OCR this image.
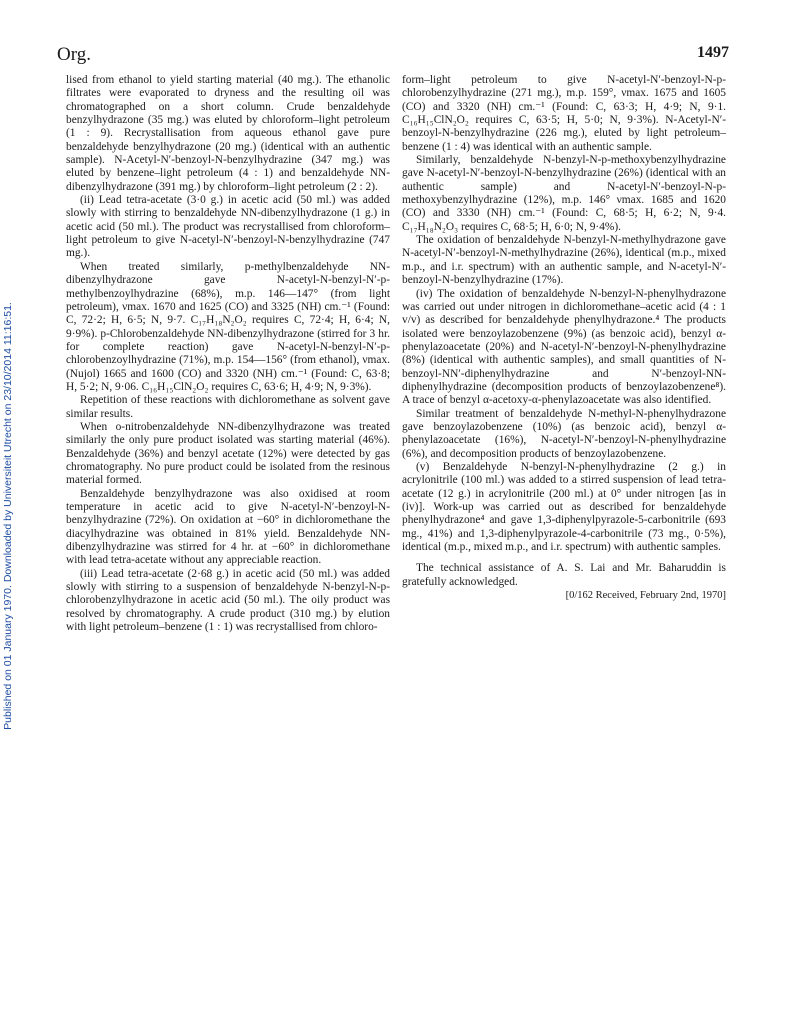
Published on 01 January 1970. Downloaded by Universiteit Utrecht on 23/10/2014 11:16:51.
Org.	1497

lised from ethanol to yield starting material (40 mg.). The ethanolic filtrates were evaporated to dryness and the resulting oil was chromatographed on a short column. Crude benzaldehyde benzylhydrazone (35 mg.) was eluted by chloroform–light petroleum (1 : 9). Recrystallisation from aqueous ethanol gave pure benzaldehyde benzylhydrazone (20 mg.) (identical with an authentic sample). N-Acetyl-N′-benzoyl-N-benzylhydrazine (347 mg.) was eluted by benzene–light petroleum (4 : 1) and benzaldehyde NN-dibenzylhydrazone (391 mg.) by chloroform–light petroleum (2 : 2).

(ii) Lead tetra-acetate (3·0 g.) in acetic acid (50 ml.) was added slowly with stirring to benzaldehyde NN-dibenzylhydrazone (1 g.) in acetic acid (50 ml.). The product was recrystallised from chloroform–light petroleum to give N-acetyl-N′-benzoyl-N-benzylhydrazine (747 mg.).

When treated similarly, p-methylbenzaldehyde NN-dibenzylhydrazone gave N-acetyl-N-benzyl-N′-p-methylbenzoylhydrazine (68%), m.p. 146—147° (from light petroleum), νmax. 1670 and 1625 (CO) and 3325 (NH) cm.⁻¹ (Found: C, 72·2; H, 6·5; N, 9·7. C₁₇H₁₈N₂O₂ requires C, 72·4; H, 6·4; N, 9·9%). p-Chlorobenzaldehyde NN-dibenzylhydrazone (stirred for 3 hr. for complete reaction) gave N-acetyl-N-benzyl-N′-p-chlorobenzoylhydrazine (71%), m.p. 154—156° (from ethanol), νmax. (Nujol) 1665 and 1600 (CO) and 3320 (NH) cm.⁻¹ (Found: C, 63·8; H, 5·2; N, 9·06. C₁₆H₁₅ClN₂O₂ requires C, 63·6; H, 4·9; N, 9·3%).

Repetition of these reactions with dichloromethane as solvent gave similar results.

When o-nitrobenzaldehyde NN-dibenzylhydrazone was treated similarly the only pure product isolated was starting material (46%). Benzaldehyde (36%) and benzyl acetate (12%) were detected by gas chromatography. No pure product could be isolated from the resinous material formed.

Benzaldehyde benzylhydrazone was also oxidised at room temperature in acetic acid to give N-acetyl-N′-benzoyl-N-benzylhydrazine (72%). On oxidation at −60° in dichloromethane the diacylhydrazine was obtained in 81% yield. Benzaldehyde NN-dibenzylhydrazine was stirred for 4 hr. at −60° in dichloromethane with lead tetra-acetate without any appreciable reaction.

(iii) Lead tetra-acetate (2·68 g.) in acetic acid (50 ml.) was added slowly with stirring to a suspension of benzaldehyde N-benzyl-N-p-chlorobenzylhydrazone in acetic acid (50 ml.). The oily product was resolved by chromatography. A crude product (310 mg.) by elution with light petroleum–benzene (1 : 1) was recrystallised from chloro-

form–light petroleum to give N-acetyl-N′-benzoyl-N-p-chlorobenzylhydrazine (271 mg.), m.p. 159°, νmax. 1675 and 1605 (CO) and 3320 (NH) cm.⁻¹ (Found: C, 63·3; H, 4·9; N, 9·1. C₁₆H₁₅ClN₂O₂ requires C, 63·5; H, 5·0; N, 9·3%). N-Acetyl-N′-benzoyl-N-benzylhydrazine (226 mg.), eluted by light petroleum–benzene (1 : 4) was identical with an authentic sample.

Similarly, benzaldehyde N-benzyl-N-p-methoxybenzylhydrazine gave N-acetyl-N′-benzoyl-N-benzylhydrazine (26%) (identical with an authentic sample) and N-acetyl-N′-benzoyl-N-p-methoxybenzylhydrazine (12%), m.p. 146° νmax. 1685 and 1620 (CO) and 3330 (NH) cm.⁻¹ (Found: C, 68·5; H, 6·2; N, 9·4. C₁₇H₁₈N₂O₃ requires C, 68·5; H, 6·0; N, 9·4%).

The oxidation of benzaldehyde N-benzyl-N-methylhydrazone gave N-acetyl-N′-benzoyl-N-methylhydrazine (26%), identical (m.p., mixed m.p., and i.r. spectrum) with an authentic sample, and N-acetyl-N′-benzoyl-N-benzylhydrazine (17%).

(iv) The oxidation of benzaldehyde N-benzyl-N-phenylhydrazone was carried out under nitrogen in dichloromethane–acetic acid (4 : 1 v/v) as described for benzaldehyde phenylhydrazone.⁴ The products isolated were benzoylazobenzene (9%) (as benzoic acid), benzyl α-phenylazoacetate (20%) and N-acetyl-N′-benzoyl-N-phenylhydrazine (8%) (identical with authentic samples), and small quantities of N-benzoyl-NN′-diphenylhydrazine and N′-benzoyl-NN-diphenylhydrazine (decomposition products of benzoylazobenzene⁸). A trace of benzyl α-acetoxy-α-phenylazoacetate was also identified.

Similar treatment of benzaldehyde N-methyl-N-phenylhydrazone gave benzoylazobenzene (10%) (as benzoic acid), benzyl α-phenylazoacetate (16%), N-acetyl-N′-benzoyl-N-phenylhydrazine (6%), and decomposition products of benzoylazobenzene.

(v) Benzaldehyde N-benzyl-N-phenylhydrazine (2 g.) in acrylonitrile (100 ml.) was added to a stirred suspension of lead tetra-acetate (12 g.) in acrylonitrile (200 ml.) at 0° under nitrogen [as in (iv)]. Work-up was carried out as described for benzaldehyde phenylhydrazone⁴ and gave 1,3-diphenylpyrazole-5-carbonitrile (693 mg., 41%) and 1,3-diphenylpyrazole-4-carbonitrile (73 mg., 0·5%), identical (m.p., mixed m.p., and i.r. spectrum) with authentic samples.

The technical assistance of A. S. Lai and Mr. Baharuddin is gratefully acknowledged.

[0/162 Received, February 2nd, 1970]
